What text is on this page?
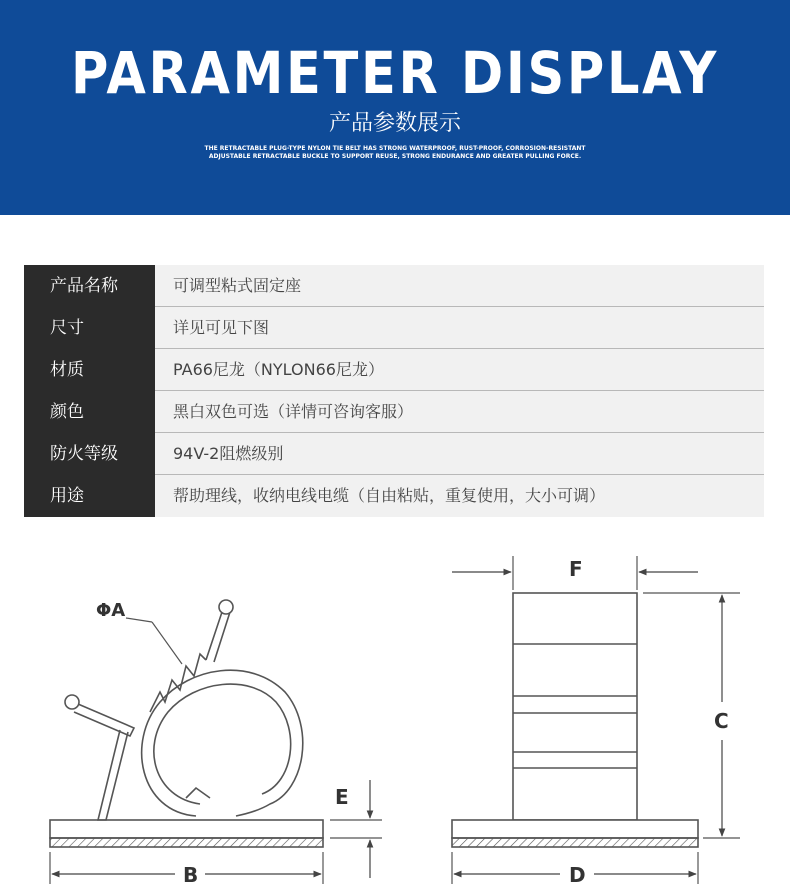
PARAMETER DISPLAY
产品参数展示
THE RETRACTABLE PLUG-TYPE NYLON TIE BELT HAS STRONG WATERPROOF, RUST-PROOF, CORROSION-RESISTANT ADJUSTABLE RETRACTABLE BUCKLE TO SUPPORT REUSE, STRONG ENDURANCE AND GREATER PULLING FORCE.
产品名称	可调型粘式固定座
尺寸	详见可见下图
材质	PA66尼龙（NYLON66尼龙）
颜色	黑白双色可选（详情可咨询客服）
防火等级	94V-2阻燃级别
用途	帮助理线，收纳电线电缆（自由粘贴，重复使用，大小可调）
ΦA
E
B
F
C
D
